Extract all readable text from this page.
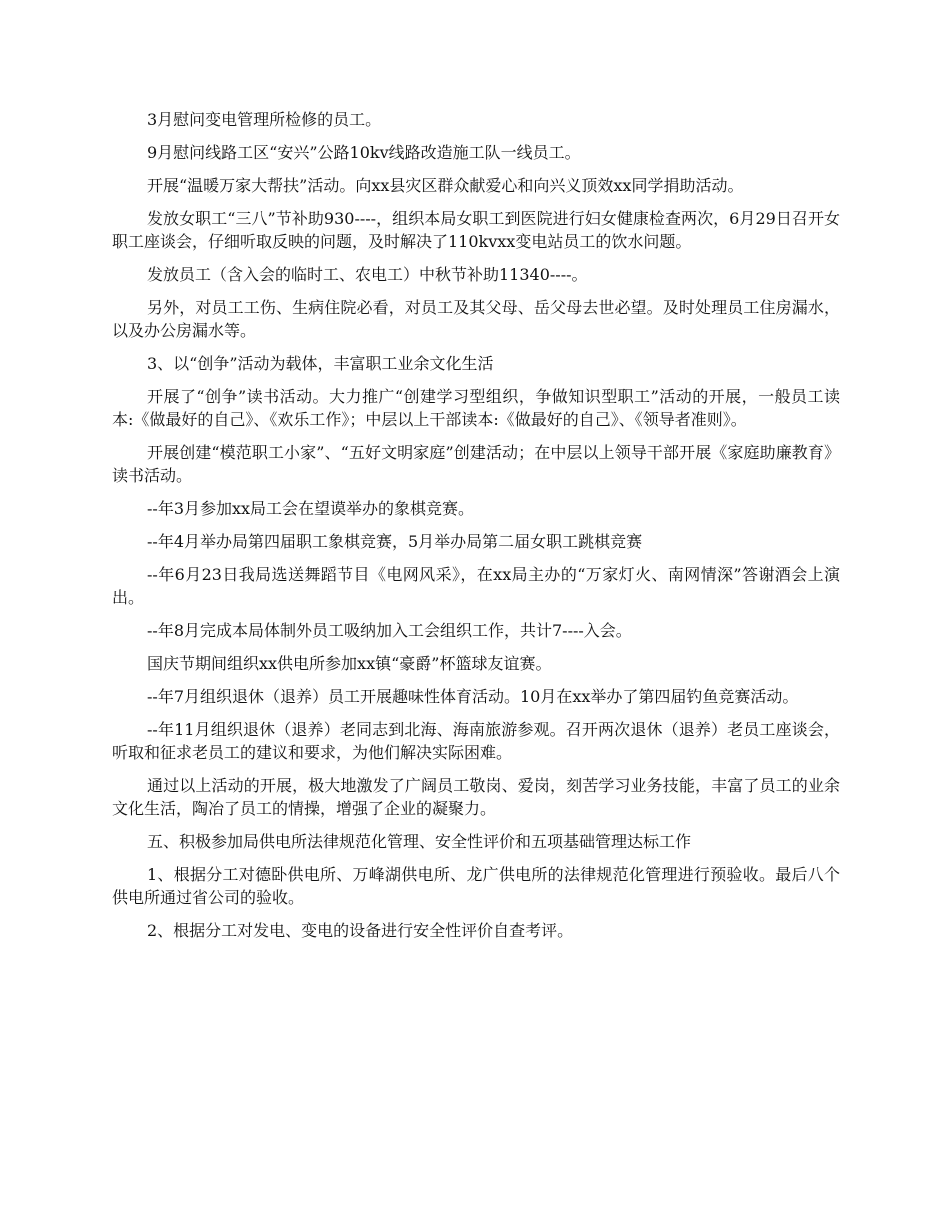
3月慰问变电管理所检修的员工。

9月慰问线路工区“安兴”公路10kv线路改造施工队一线员工。

开展“温暖万家大帮扶”活动。向xx县灾区群众献爱心和向兴义顶效xx同学捐助活动。

发放女职工“三八”节补助930----，组织本局女职工到医院进行妇女健康检查两次，6月29日召开女职工座谈会，仔细听取反映的问题，及时解决了110kvxx变电站员工的饮水问题。

发放员工（含入会的临时工、农电工）中秋节补助11340----。

另外，对员工工伤、生病住院必看，对员工及其父母、岳父母去世必望。及时处理员工住房漏水，以及办公房漏水等。

3、以“创争”活动为载体，丰富职工业余文化生活

开展了“创争”读书活动。大力推广“创建学习型组织，争做知识型职工”活动的开展，一般员工读本:《做最好的自己》、《欢乐工作》；中层以上干部读本:《做最好的自己》、《领导者准则》。

开展创建“模范职工小家”、“五好文明家庭”创建活动；在中层以上领导干部开展《家庭助廉教育》读书活动。

--年3月参加xx局工会在望谟举办的象棋竞赛。

--年4月举办局第四届职工象棋竞赛，5月举办局第二届女职工跳棋竞赛

--年6月23日我局选送舞蹈节目《电网风采》，在xx局主办的“万家灯火、南网情深”答谢酒会上演出。

--年8月完成本局体制外员工吸纳加入工会组织工作，共计7----入会。

国庆节期间组织xx供电所参加xx镇“豪爵”杯篮球友谊赛。

--年7月组织退休（退养）员工开展趣味性体育活动。10月在xx举办了第四届钓鱼竞赛活动。

--年11月组织退休（退养）老同志到北海、海南旅游参观。召开两次退休（退养）老员工座谈会，听取和征求老员工的建议和要求，为他们解决实际困难。

通过以上活动的开展，极大地激发了广阔员工敬岗、爱岗，刻苦学习业务技能，丰富了员工的业余文化生活，陶冶了员工的情操，增强了企业的凝聚力。

五、积极参加局供电所法律规范化管理、安全性评价和五项基础管理达标工作

1、根据分工对德卧供电所、万峰湖供电所、龙广供电所的法律规范化管理进行预验收。最后八个供电所通过省公司的验收。

2、根据分工对发电、变电的设备进行安全性评价自查考评。
